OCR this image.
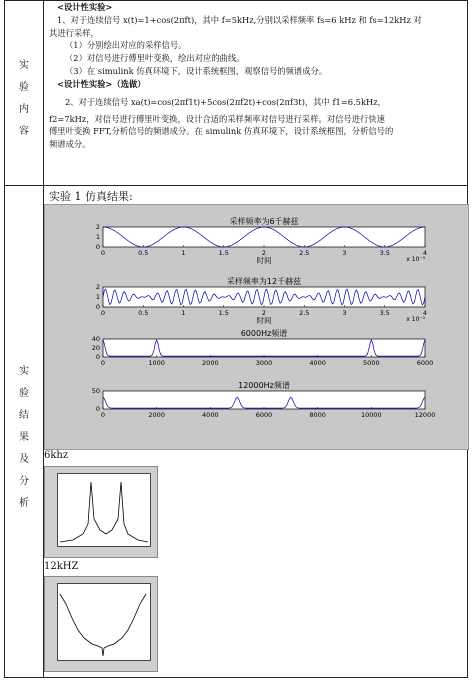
实
验
内
容
<设计性实验>
1、对于连续信号 x(t)=1+cos(2πft)，其中 f=5kHz,分别以采样频率 fs=6 kHz 和 fs=12kHz 对
其进行采样，
（1）分别绘出对应的采样信号。
（2）对信号进行傅里叶变换，绘出对应的曲线。
（3）在 simulink 仿真环境下，设计系统框图，观察信号的频谱成分。
<设计性实验>（选做）
2、对于连续信号 xa(t)=cos(2πf1t)+5cos(2πf2t)+cos(2πf3t)，其中 f1=6.5kHz，
f2=7kHz，对信号进行傅里叶变换，设计合适的采样频率对信号进行采样。对信号进行快速
傅里叶变换 FFT,分析信号的频谱成分。在 simulink 仿真环境下，设计系统框图，分析信号的
频谱成分。
实
验
结
果
及
分
析
实验 1 仿真结果:
采样频率为6千赫兹
0	0.5	1	1.5	2	2.5	3	3.5	4
0
1
2
时间	x 10⁻³
采样频率为12千赫兹
0	0.5	1	1.5	2	2.5	3	3.5	4
0
1
2
时间	x 10⁻³
6000Hz频谱
0	1000	2000	3000	4000	5000	6000
0
20
40
12000Hz频谱
0	2000	4000	6000	8000	10000	12000
0
50
6khz
12kHZ
